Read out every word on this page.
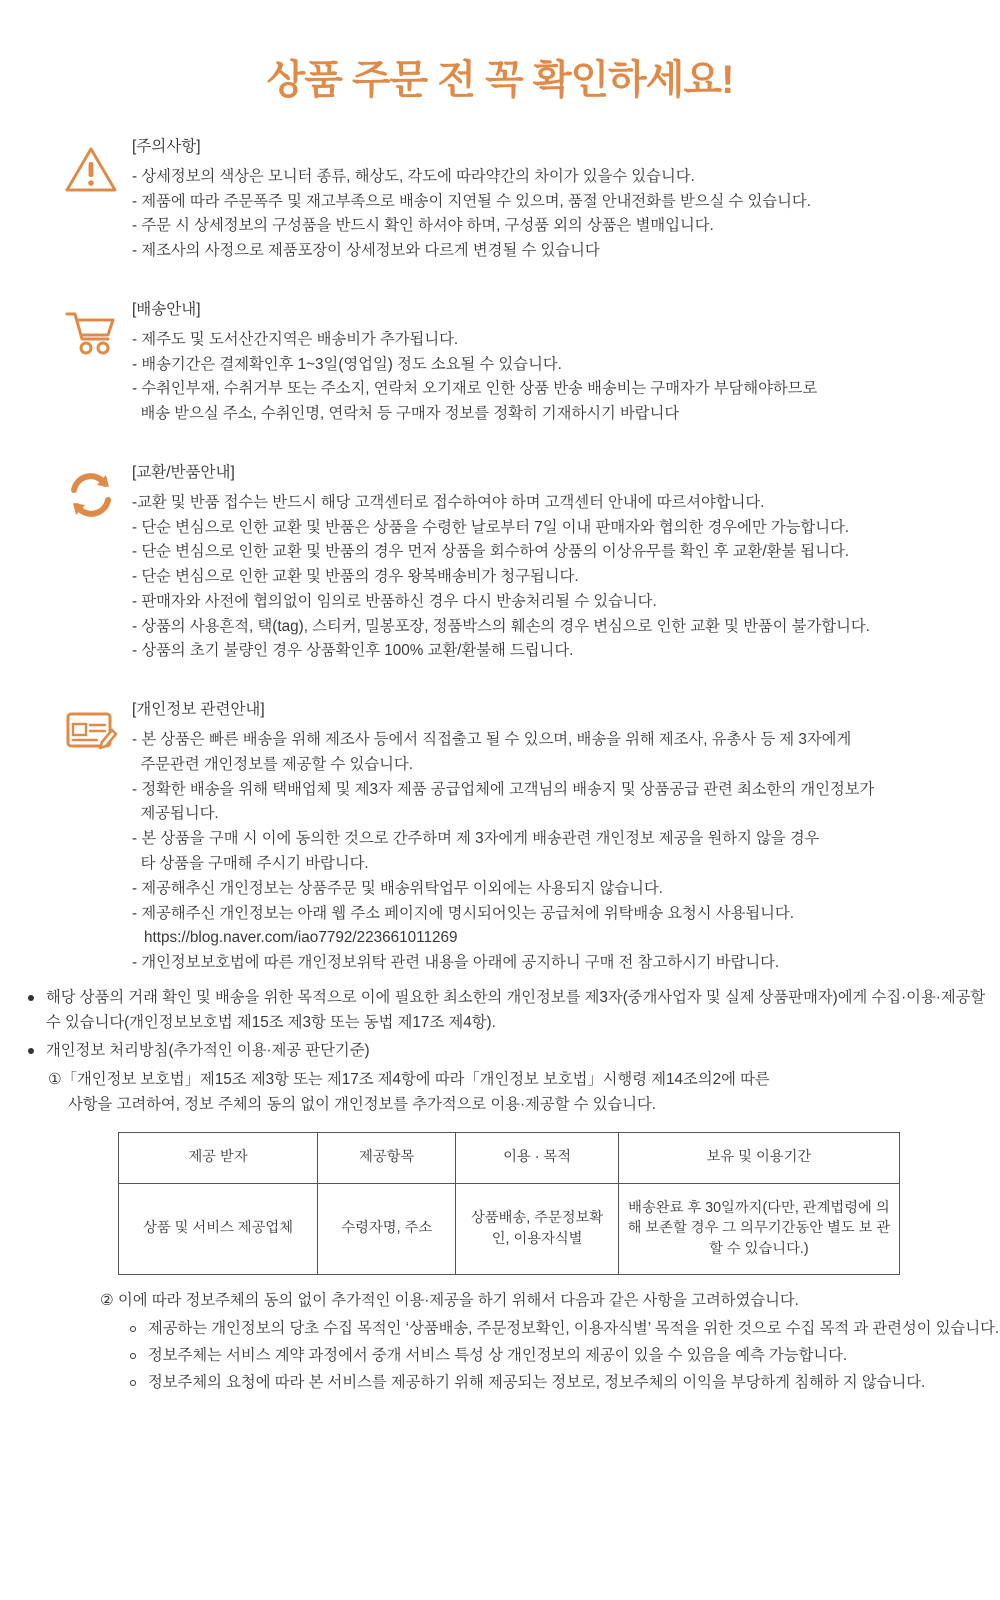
상품 주문 전 꼭 확인하세요!
[주의사항]
- 상세정보의 색상은 모니터 종류, 해상도, 각도에 따라약간의 차이가 있을수 있습니다.
- 제품에 따라 주문폭주 및 재고부족으로 배송이 지연될 수 있으며, 품절 안내전화를 받으실 수 있습니다.
- 주문 시 상세정보의 구성품을 반드시 확인 하셔야 하며, 구성품 외의 상품은 별매입니다.
- 제조사의 사정으로 제품포장이 상세정보와 다르게 변경될 수 있습니다
[배송안내]
- 제주도 및 도서산간지역은 배송비가 추가됩니다.
- 배송기간은 결제확인후 1~3일(영업일) 정도 소요될 수 있습니다.
- 수취인부재, 수취거부 또는 주소지, 연락처 오기재로 인한 상품 반송 배송비는 구매자가 부담해야하므로
배송 받으실 주소, 수취인명, 연락처 등 구매자 정보를 정확히 기재하시기 바랍니다
[교환/반품안내]
-교환 및 반품 접수는 반드시 해당 고객센터로 접수하여야 하며 고객센터 안내에 따르셔야합니다.
- 단순 변심으로 인한 교환 및 반품은 상품을 수령한 날로부터 7일 이내 판매자와 협의한 경우에만 가능합니다.
- 단순 변심으로 인한 교환 및 반품의 경우 먼저 상품을 회수하여 상품의 이상유무를 확인 후 교환/환불 됩니다.
- 단순 변심으로 인한 교환 및 반품의 경우 왕복배송비가 청구됩니다.
- 판매자와 사전에 협의없이 임의로 반품하신 경우 다시 반송처리될 수 있습니다.
- 상품의 사용흔적, 택(tag), 스티커, 밀봉포장, 정품박스의 훼손의 경우 변심으로 인한 교환 및 반품이 불가합니다.
- 상품의 초기 불량인 경우 상품확인후 100% 교환/환불해 드립니다.
[개인정보 관련안내]
- 본 상품은 빠른 배송을 위해 제조사 등에서 직접출고 될 수 있으며, 배송을 위해 제조사, 유총사 등 제 3자에게
주문관련 개인정보를 제공할 수 있습니다.
- 정확한 배송을 위해 택배업체 및 제3자 제품 공급업체에 고객님의 배송지 및 상품공급 관련 최소한의 개인정보가
제공됩니다.
- 본 상품을 구매 시 이에 동의한 것으로 간주하며 제 3자에게 배송관련 개인정보 제공을 원하지 않을 경우
타 상품을 구매해 주시기 바랍니다.
- 제공해추신 개인정보는 상품주문 및 배송위탁업무 이외에는 사용되지 않습니다.
- 제공해주신 개인정보는 아래 웹 주소 페이지에 명시되어잇는 공급처에 위탁배송 요청시 사용됩니다.
https://blog.naver.com/iao7792/223661011269
- 개인정보보호법에 따른 개인정보위탁 관련 내용을 아래에 공지하니 구매 전 참고하시기 바랍니다.
해당 상품의 거래 확인 및 배송을 위한 목적으로 이에 필요한 최소한의 개인정보를 제3자(중개사업자 및 실제 상품판매자)에게 수집·이용·제공할 수 있습니다(개인정보보호법 제15조 제3항 또는 동법 제17조 제4항).
개인정보 처리방침(추가적인 이용·제공 판단기준)
①「개인정보 보호법」제15조 제3항 또는 제17조 제4항에 따라「개인정보 보호법」시행령 제14조의2에 따른
사항을 고려하여, 정보 주체의 동의 없이 개인정보를 추가적으로 이용·제공할 수 있습니다.
제공 받자	제공항목	이용 · 목적	보유 및 이용기간
상품 및 서비스 제공업체	수령자명, 주소	상품배송, 주문정보확인, 이용자식별	배송완료 후 30일까지(다만, 관계법령에 의해 보존할 경우 그 의무기간동안 별도 보 관할 수 있습니다.)
② 이에 따라 정보주체의 동의 없이 추가적인 이용·제공을 하기 위해서 다음과 같은 사항을 고려하였습니다.
제공하는 개인정보의 당초 수집 목적인 ‘상품배송, 주문정보확인, 이용자식별’ 목적을 위한 것으로 수집 목적 과 관련성이 있습니다.
정보주체는 서비스 계약 과정에서 중개 서비스 특성 상 개인정보의 제공이 있을 수 있음을 예측 가능합니다.
정보주체의 요청에 따라 본 서비스를 제공하기 위해 제공되는 정보로, 정보주체의 이익을 부당하게 침해하 지 않습니다.
